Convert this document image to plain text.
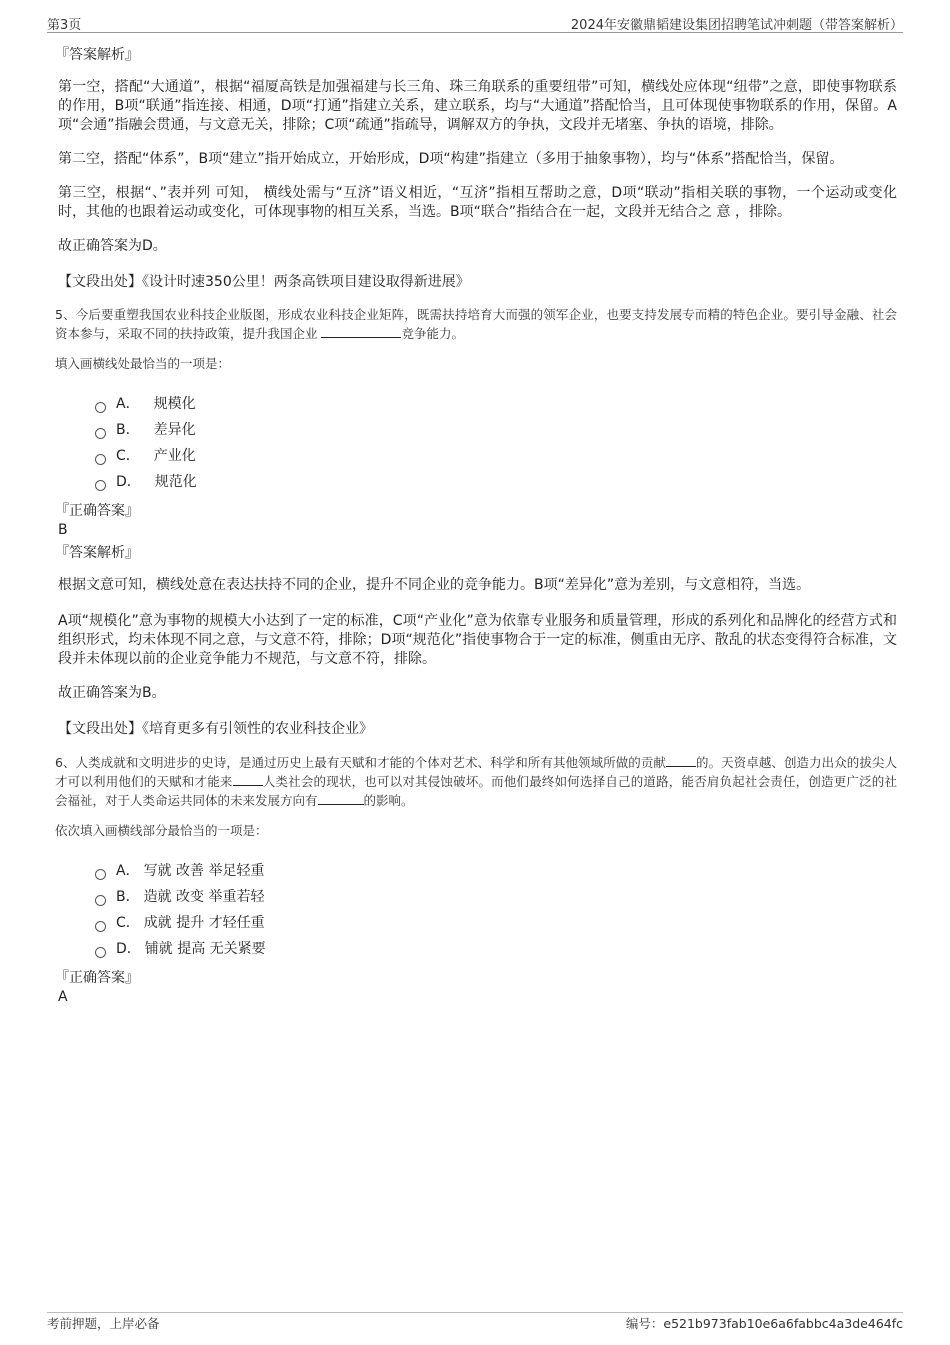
第3页	2024年安徽鼎韬建设集团招聘笔试冲刺题（带答案解析）
『答案解析』

第一空，搭配“大通道”，根据“福厦高铁是加强福建与长三角、珠三角联系的重要纽带”可知，横线处应体现“纽带”之意，即使事物联系的作用，B项“联通”指连接、相通，D项“打通”指建立关系，建立联系，均与“大通道”搭配恰当，且可体现使事物联系的作用，保留。A项“会通”指融会贯通，与文意无关，排除；C项“疏通”指疏导，调解双方的争执，文段并无堵塞、争执的语境，排除。

第二空，搭配“体系”，B项“建立”指开始成立，开始形成，D项“构建”指建立（多用于抽象事物），均与“体系”搭配恰当，保留。

第三空，根据“、”表并列 可知， 横线处需与“互济”语义相近，“互济”指相互帮助之意，D项“联动”指相关联的事物，一个运动或变化时，其他的也跟着运动或变化，可体现事物的相互关系，当选。B项“联合”指结合在一起，文段并无结合之 意 ，排除。

故正确答案为D。

【文段出处】《设计时速350公里！两条高铁项目建设取得新进展》

5、今后要重塑我国农业科技企业版图，形成农业科技企业矩阵，既需扶持培育大而强的领军企业，也要支持发展专而精的特色企业。要引导金融、社会资本参与，采取不同的扶持政策，提升我国企业	竞争能力。

填入画横线处最恰当的一项是：

A． 规模化
B． 差异化
C． 产业化
D． 规范化
『正确答案』
B
『答案解析』

根据文意可知，横线处意在表达扶持不同的企业，提升不同企业的竞争能力。B项“差异化”意为差别，与文意相符，当选。

A项“规模化”意为事物的规模大小达到了一定的标准，C项“产业化”意为依靠专业服务和质量管理，形成的系列化和品牌化的经营方式和组织形式，均未体现不同之意，与文意不符，排除；D项“规范化”指使事物合于一定的标准，侧重由无序、散乱的状态变得符合标准，文段并未体现以前的企业竞争能力不规范，与文意不符，排除。

故正确答案为B。

【文段出处】《培育更多有引领性的农业科技企业》

6、人类成就和文明进步的史诗，是通过历史上最有天赋和才能的个体对艺术、科学和所有其他领域所做的贡献 的。天资卓越、创造力出众的拔尖人才可以利用他们的天赋和才能来 人类社会的现状，也可以对其侵蚀破坏。而他们最终如何选择自己的道路，能否肩负起社会责任，创造更广泛的社会福祉，对于人类命运共同体的未来发展方向有	的影响。

依次填入画横线部分最恰当的一项是：

A． 写就 改善 举足轻重
B． 造就 改变 举重若轻
C． 成就 提升 才轻任重
D． 铺就 提高 无关紧要
『正确答案』
A
考前押题，上岸必备	编号：e521b973fab10e6a6fabbc4a3de464fc
